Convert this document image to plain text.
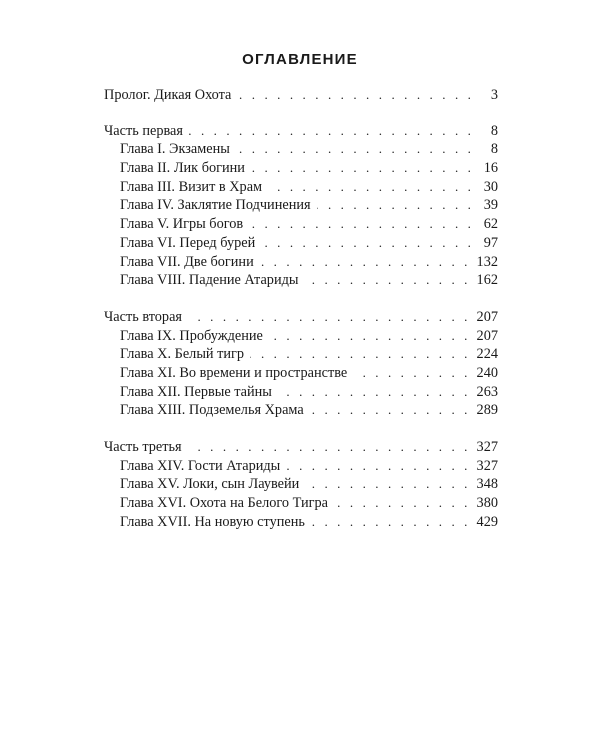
ОГЛАВЛЕНИЕ
Пролог. Дикая Охота . . .	3
Часть первая . . .	8
Глава I. Экзамены . . .	8
Глава II. Лик богини . . .	16
Глава III. Визит в Храм . . .	30
Глава IV. Заклятие Подчинения . . .	39
Глава V. Игры богов . . .	62
Глава VI. Перед бурей . . .	97
Глава VII. Две богини . . .	132
Глава VIII. Падение Атариды . . .	162
Часть вторая . . .	207
Глава IX. Пробуждение . . .	207
Глава X. Белый тигр . . .	224
Глава XI. Во времени и пространстве . . .	240
Глава XII. Первые тайны . . .	263
Глава XIII. Подземелья Храма . . .	289
Часть третья . . .	327
Глава XIV. Гости Атариды . . .	327
Глава XV. Локи, сын Лаувейи . . .	348
Глава XVI. Охота на Белого Тигра . . .	380
Глава XVII. На новую ступень . . .	429
